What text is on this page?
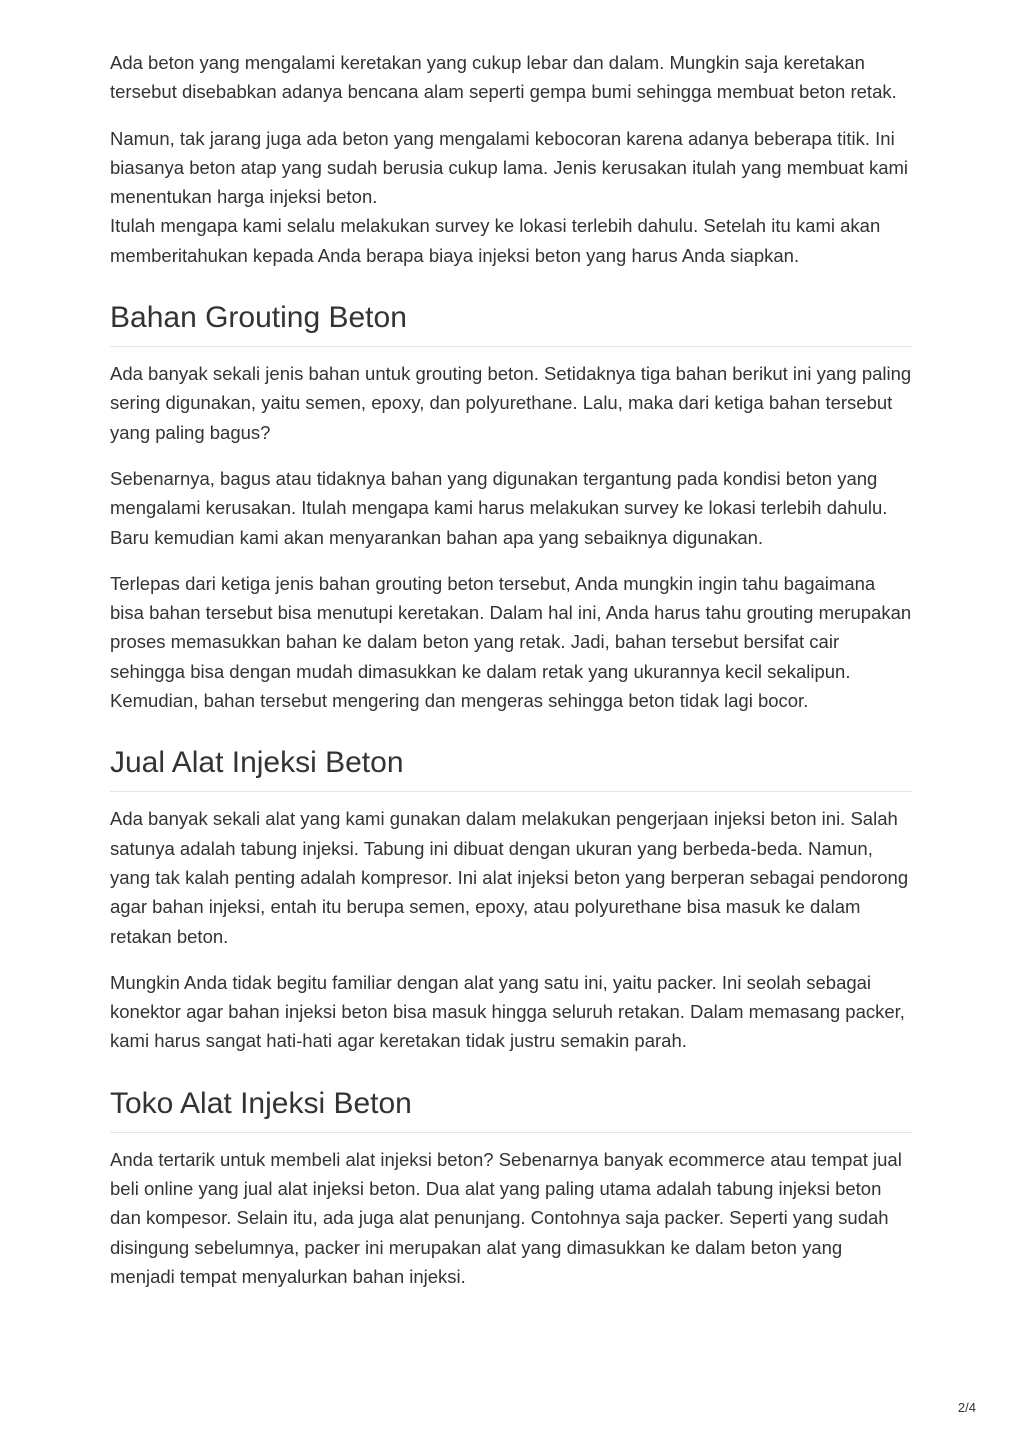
Ada beton yang mengalami keretakan yang cukup lebar dan dalam. Mungkin saja keretakan tersebut disebabkan adanya bencana alam seperti gempa bumi sehingga membuat beton retak.

Namun, tak jarang juga ada beton yang mengalami kebocoran karena adanya beberapa titik. Ini biasanya beton atap yang sudah berusia cukup lama. Jenis kerusakan itulah yang membuat kami menentukan harga injeksi beton.

Itulah mengapa kami selalu melakukan survey ke lokasi terlebih dahulu. Setelah itu kami akan memberitahukan kepada Anda berapa biaya injeksi beton yang harus Anda siapkan.

Bahan Grouting Beton

Ada banyak sekali jenis bahan untuk grouting beton. Setidaknya tiga bahan berikut ini yang paling sering digunakan, yaitu semen, epoxy, dan polyurethane. Lalu, maka dari ketiga bahan tersebut yang paling bagus?

Sebenarnya, bagus atau tidaknya bahan yang digunakan tergantung pada kondisi beton yang mengalami kerusakan. Itulah mengapa kami harus melakukan survey ke lokasi terlebih dahulu. Baru kemudian kami akan menyarankan bahan apa yang sebaiknya digunakan.

Terlepas dari ketiga jenis bahan grouting beton tersebut, Anda mungkin ingin tahu bagaimana bisa bahan tersebut bisa menutupi keretakan. Dalam hal ini, Anda harus tahu grouting merupakan proses memasukkan bahan ke dalam beton yang retak. Jadi, bahan tersebut bersifat cair sehingga bisa dengan mudah dimasukkan ke dalam retak yang ukurannya kecil sekalipun. Kemudian, bahan tersebut mengering dan mengeras sehingga beton tidak lagi bocor.

Jual Alat Injeksi Beton

Ada banyak sekali alat yang kami gunakan dalam melakukan pengerjaan injeksi beton ini. Salah satunya adalah tabung injeksi. Tabung ini dibuat dengan ukuran yang berbeda-beda. Namun, yang tak kalah penting adalah kompresor. Ini alat injeksi beton yang berperan sebagai pendorong agar bahan injeksi, entah itu berupa semen, epoxy, atau polyurethane bisa masuk ke dalam retakan beton.

Mungkin Anda tidak begitu familiar dengan alat yang satu ini, yaitu packer. Ini seolah sebagai konektor agar bahan injeksi beton bisa masuk hingga seluruh retakan. Dalam memasang packer, kami harus sangat hati-hati agar keretakan tidak justru semakin parah.

Toko Alat Injeksi Beton

Anda tertarik untuk membeli alat injeksi beton? Sebenarnya banyak ecommerce atau tempat jual beli online yang jual alat injeksi beton. Dua alat yang paling utama adalah tabung injeksi beton dan kompesor. Selain itu, ada juga alat penunjang. Contohnya saja packer. Seperti yang sudah disingung sebelumnya, packer ini merupakan alat yang dimasukkan ke dalam beton yang menjadi tempat menyalurkan bahan injeksi.

2/4
